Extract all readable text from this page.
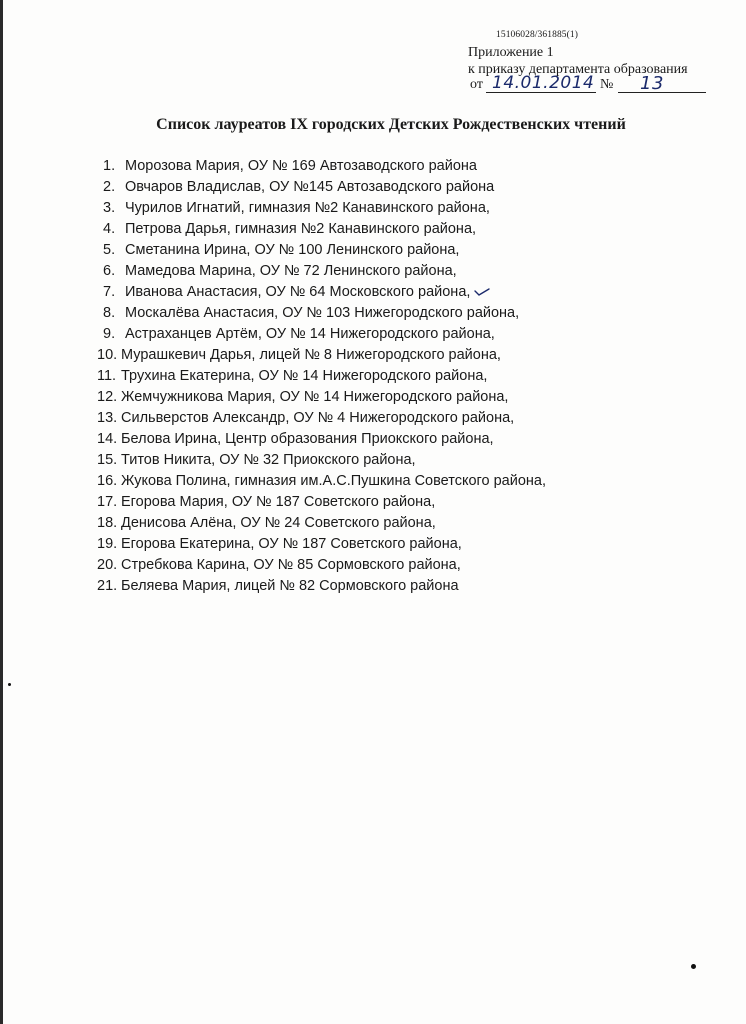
15106028/361885(1)
Приложение 1
к приказу департамента образования
от 14.01.2014 № 13
Список лауреатов IX городских Детских Рождественских чтений
1. Морозова Мария, ОУ № 169 Автозаводского района
2. Овчаров Владислав, ОУ №145 Автозаводского района
3. Чурилов Игнатий, гимназия №2 Канавинского района,
4. Петрова Дарья, гимназия №2 Канавинского района,
5. Сметанина Ирина, ОУ № 100 Ленинского района,
6. Мамедова Марина, ОУ № 72 Ленинского района,
7. Иванова Анастасия, ОУ № 64 Московского района,
8. Москалёва Анастасия, ОУ № 103 Нижегородского района,
9. Астраханцев Артём, ОУ № 14 Нижегородского района,
10. Мурашкевич Дарья, лицей № 8 Нижегородского района,
11. Трухина Екатерина, ОУ № 14 Нижегородского района,
12. Жемчужникова Мария, ОУ № 14 Нижегородского района,
13. Сильверстов Александр, ОУ № 4 Нижегородского района,
14. Белова Ирина, Центр образования Приокского района,
15. Титов Никита, ОУ № 32 Приокского района,
16. Жукова Полина, гимназия им.А.С.Пушкина Советского района,
17. Егорова Мария, ОУ № 187 Советского района,
18. Денисова Алёна, ОУ № 24 Советского района,
19. Егорова Екатерина, ОУ № 187 Советского района,
20. Стребкова Карина, ОУ № 85 Сормовского района,
21. Беляева Мария, лицей № 82 Сормовского района
